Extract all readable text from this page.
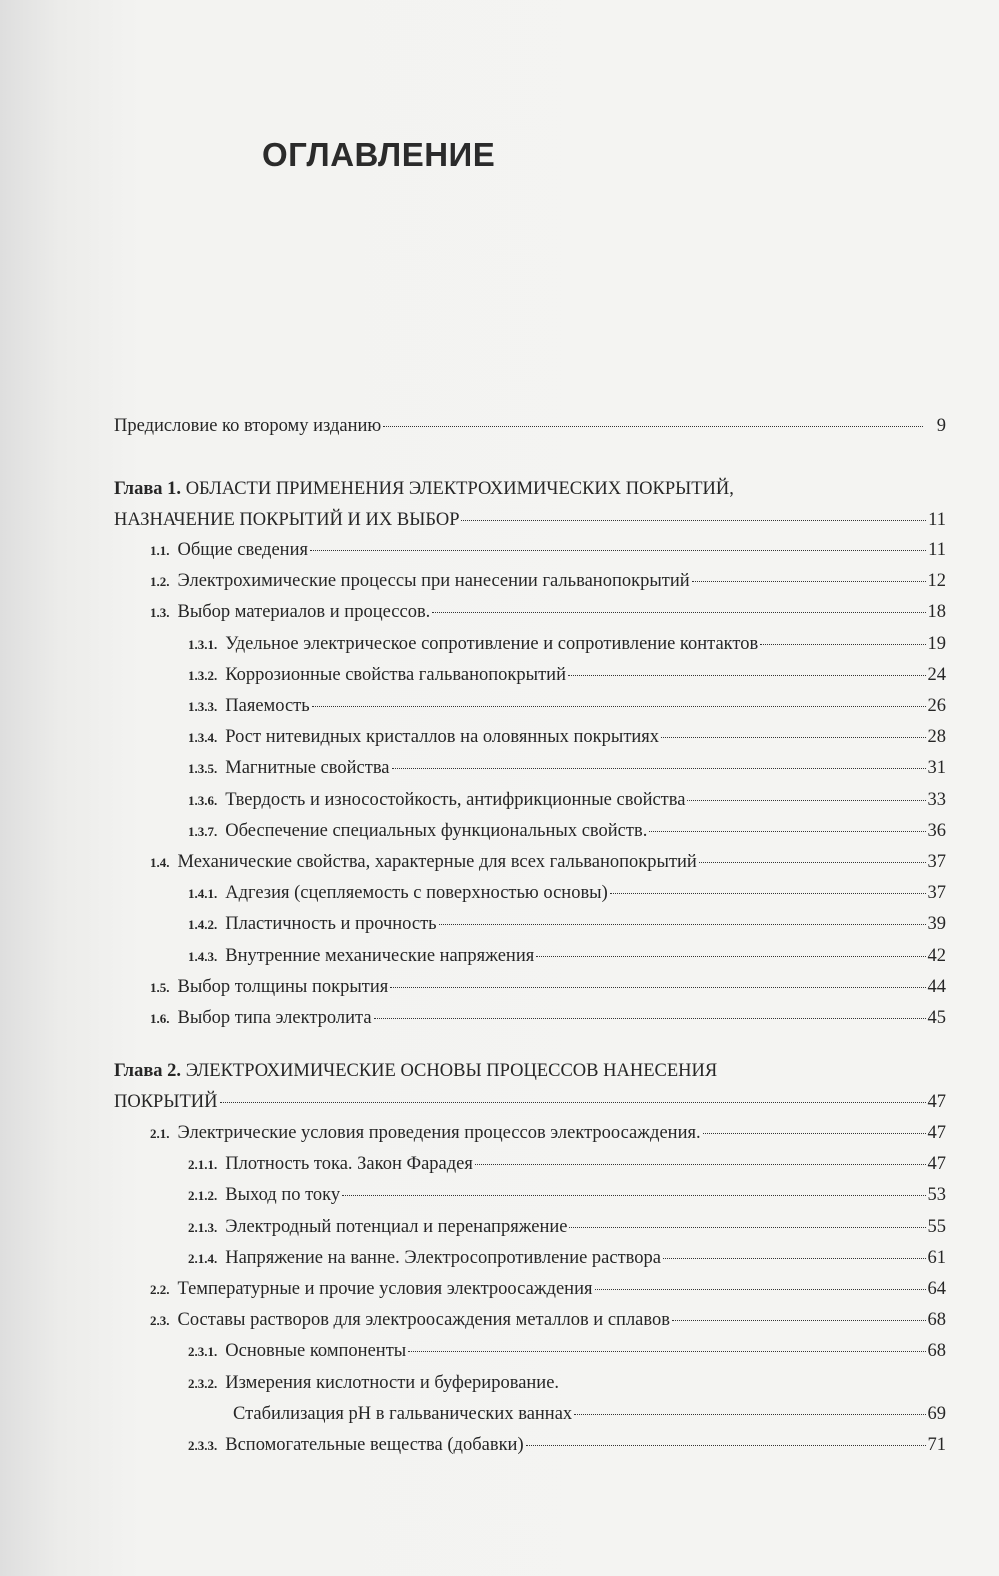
ОГЛАВЛЕНИЕ
Предисловие ко второму изданию	9
Глава 1. ОБЛАСТИ ПРИМЕНЕНИЯ ЭЛЕКТРОХИМИЧЕСКИХ ПОКРЫТИЙ,
НАЗНАЧЕНИЕ ПОКРЫТИЙ И ИХ ВЫБОР	11
1.1. Общие сведения	11
1.2. Электрохимические процессы при нанесении гальванопокрытий	12
1.3. Выбор материалов и процессов.	18
1.3.1. Удельное электрическое сопротивление и сопротивление контактов	19
1.3.2. Коррозионные свойства гальванопокрытий	24
1.3.3. Паяемость	26
1.3.4. Рост нитевидных кристаллов на оловянных покрытиях	28
1.3.5. Магнитные свойства	31
1.3.6. Твердость и износостойкость, антифрикционные свойства	33
1.3.7. Обеспечение специальных функциональных свойств.	36
1.4. Механические свойства, характерные для всех гальванопокрытий	37
1.4.1. Адгезия (сцепляемость с поверхностью основы)	37
1.4.2. Пластичность и прочность	39
1.4.3. Внутренние механические напряжения	42
1.5. Выбор толщины покрытия	44
1.6. Выбор типа электролита	45
Глава 2. ЭЛЕКТРОХИМИЧЕСКИЕ ОСНОВЫ ПРОЦЕССОВ НАНЕСЕНИЯ
ПОКРЫТИЙ	47
2.1. Электрические условия проведения процессов электроосаждения.	47
2.1.1. Плотность тока. Закон Фарадея	47
2.1.2. Выход по току	53
2.1.3. Электродный потенциал и перенапряжение	55
2.1.4. Напряжение на ванне. Электросопротивление раствора	61
2.2. Температурные и прочие условия электроосаждения	64
2.3. Составы растворов для электроосаждения металлов и сплавов	68
2.3.1. Основные компоненты	68
2.3.2. Измерения кислотности и буферирование.
Стабилизация pH в гальванических ваннах	69
2.3.3. Вспомогательные вещества (добавки)	71
